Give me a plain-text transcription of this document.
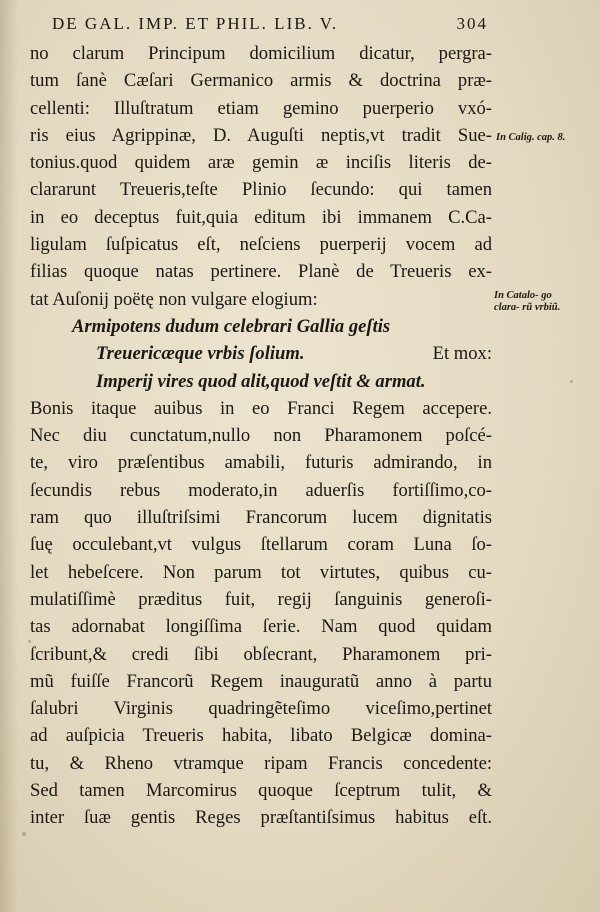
DE GAL. IMP. ET PHIL. LIB. V.	304
no clarum Principum domicilium dicatur, pergra-
tum ſanè Cæſari Germanico armis & doctrina præ-
cellenti: Illuſtratum etiam gemino puerperio vxó-
ris eius Agrippinæ, D. Auguſti neptis,vt tradit Sue-
tonius.quod quidem aræ gemin æ inciſis literis de-
clararunt Treueris,teſte Plinio ſecundo: qui tamen
in eo deceptus fuit,quia editum ibi immanem C.Ca-
ligulam ſuſpicatus eſt, neſciens puerperij vocem ad
filias quoque natas pertinere. Planè de Treueris ex-
tat Auſonij poëtę non vulgare elogium:
Armipotens dudum celebrari Gallia geſtis
Treuericæque vrbis ſolium.	Et mox:
Imperij vires quod alit,quod veſtit & armat.
Bonis itaque auibus in eo Franci Regem accepere.
Nec diu cunctatum,nullo non Pharamonem poſcé-
te, viro præſentibus amabili, futuris admirando, in
ſecundis rebus moderato,in aduerſis fortiſſimo,co-
ram quo illuſtriſsimi Francorum lucem dignitatis
ſuę occulebant,vt vulgus ſtellarum coram Luna ſo-
let hebeſcere. Non parum tot virtutes, quibus cu-
mulatiſſimè præditus fuit, regij ſanguinis generoſi-
tas adornabat longiſſima ſerie. Nam quod quidam
ſcribunt,& credi ſibi obſecrant, Pharamonem pri-
mũ fuiſſe Francorũ Regem inauguratũ anno à partu
ſalubri Virginis quadringẽteſimo viceſimo,pertinet
ad auſpicia Treueris habita, libato Belgicæ domina-
tu, & Rheno vtramque ripam Francis concedente:
Sed tamen Marcomirus quoque ſceptrum tulit, &
inter ſuæ gentis Reges præſtantiſsimus habitus eſt.
In Calig. cap. 8.
In Catalo- go clara- rũ vrbiũ.
